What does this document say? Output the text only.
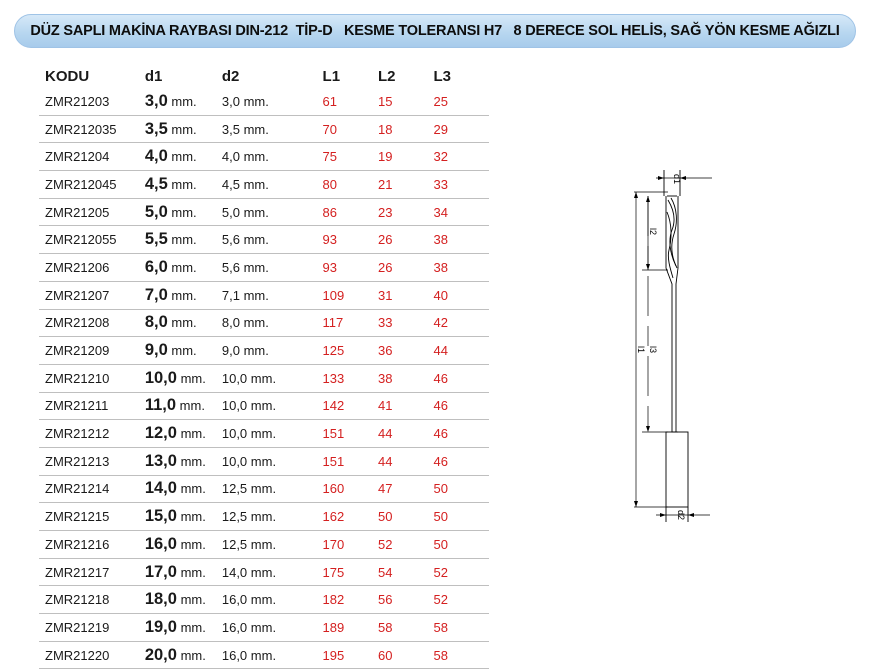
DÜZ SAPLI MAKİNA RAYBASI DIN-212  TİP-D   KESME TOLERANSI H7   8 DERECE SOL HELİS, SAĞ YÖN KESME AĞIZLI
KODU	d1	d2	L1	L2	L3
ZMR21203	3,0 mm.	3,0 mm.	61	15	25
ZMR212035	3,5 mm.	3,5 mm.	70	18	29
ZMR21204	4,0 mm.	4,0 mm.	75	19	32
ZMR212045	4,5 mm.	4,5 mm.	80	21	33
ZMR21205	5,0 mm.	5,0 mm.	86	23	34
ZMR212055	5,5 mm.	5,6 mm.	93	26	38
ZMR21206	6,0 mm.	5,6 mm.	93	26	38
ZMR21207	7,0 mm.	7,1 mm.	109	31	40
ZMR21208	8,0 mm.	8,0 mm.	117	33	42
ZMR21209	9,0 mm.	9,0 mm.	125	36	44
ZMR21210	10,0 mm.	10,0 mm.	133	38	46
ZMR21211	11,0 mm.	10,0 mm.	142	41	46
ZMR21212	12,0 mm.	10,0 mm.	151	44	46
ZMR21213	13,0 mm.	10,0 mm.	151	44	46
ZMR21214	14,0 mm.	12,5 mm.	160	47	50
ZMR21215	15,0 mm.	12,5 mm.	162	50	50
ZMR21216	16,0 mm.	12,5 mm.	170	52	50
ZMR21217	17,0 mm.	14,0 mm.	175	54	52
ZMR21218	18,0 mm.	16,0 mm.	182	56	52
ZMR21219	19,0 mm.	16,0 mm.	189	58	58
ZMR21220	20,0 mm.	16,0 mm.	195	60	58
d1
d2
l2
l3
l1
